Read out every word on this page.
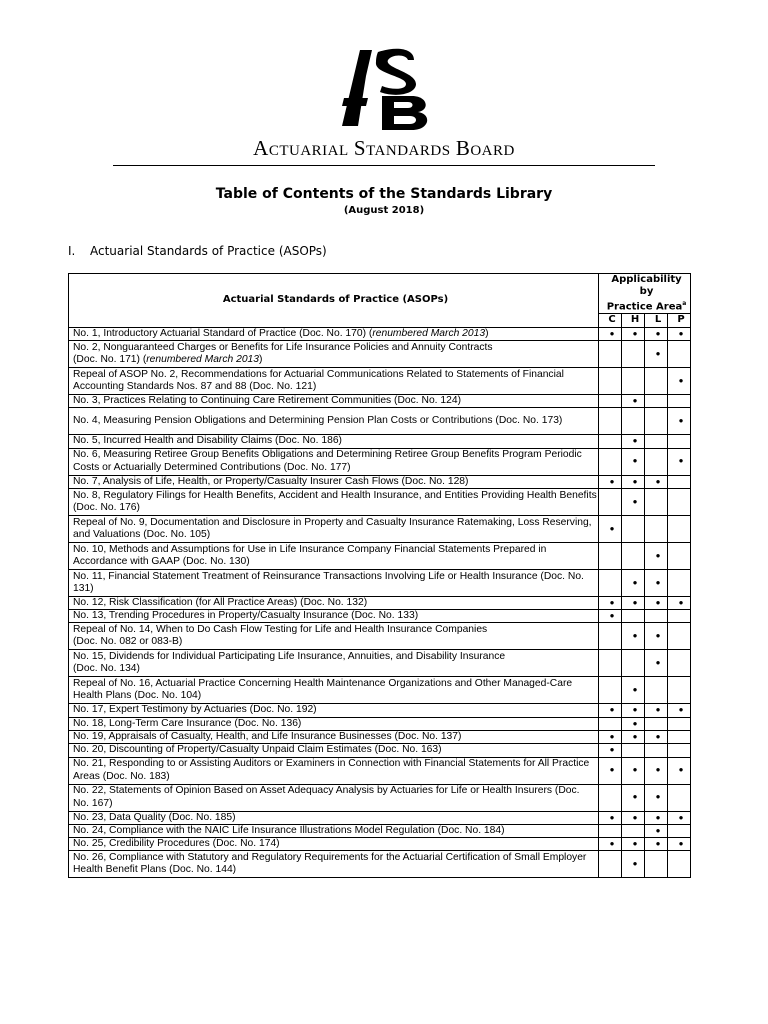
ACTUARIAL STANDARDS BOARD
Table of Contents of the Standards Library
(August 2018)
I. Actuarial Standards of Practice (ASOPs)
Actuarial Standards of Practice (ASOPs)	Applicability
by
Practice Area$^a$
	C	H	L	P
No. 1, Introductory Actuarial Standard of Practice (Doc. No. 170) (renumbered March 2013)	●	●	●	●
No. 2, Nonguaranteed Charges or Benefits for Life Insurance Policies and Annuity Contracts
(Doc. No. 171) (renumbered March 2013)			●	
Repeal of ASOP No. 2, Recommendations for Actuarial Communications Related to Statements of Financial Accounting Standards Nos. 87 and 88 (Doc. No. 121)				●
No. 3, Practices Relating to Continuing Care Retirement Communities (Doc. No. 124)		●		
No. 4, Measuring Pension Obligations and Determining Pension Plan Costs or Contributions (Doc. No. 173)				●
No. 5, Incurred Health and Disability Claims (Doc. No. 186)		●		
No. 6, Measuring Retiree Group Benefits Obligations and Determining Retiree Group Benefits Program Periodic Costs or Actuarially Determined Contributions (Doc. No. 177)		●		●
No. 7, Analysis of Life, Health, or Property/Casualty Insurer Cash Flows (Doc. No. 128)	●	●	●	
No. 8, Regulatory Filings for Health Benefits, Accident and Health Insurance, and Entities Providing Health Benefits (Doc. No. 176)		●		
Repeal of No. 9, Documentation and Disclosure in Property and Casualty Insurance Ratemaking, Loss Reserving, and Valuations (Doc. No. 105)	●			
No. 10, Methods and Assumptions for Use in Life Insurance Company Financial Statements Prepared in Accordance with GAAP (Doc. No. 130)			●	
No. 11, Financial Statement Treatment of Reinsurance Transactions Involving Life or Health Insurance (Doc. No. 131)		●	●	
No. 12, Risk Classification (for All Practice Areas) (Doc. No. 132)	●	●	●	●
No. 13, Trending Procedures in Property/Casualty Insurance (Doc. No. 133)	●			
Repeal of No. 14, When to Do Cash Flow Testing for Life and Health Insurance Companies
(Doc. No. 082 or 083-B)		●	●	
No. 15, Dividends for Individual Participating Life Insurance, Annuities, and Disability Insurance
(Doc. No. 134)			●	
Repeal of No. 16, Actuarial Practice Concerning Health Maintenance Organizations and Other Managed-Care Health Plans (Doc. No. 104)		●		
No. 17, Expert Testimony by Actuaries (Doc. No. 192)	●	●	●	●
No. 18, Long-Term Care Insurance (Doc. No. 136)		●		
No. 19, Appraisals of Casualty, Health, and Life Insurance Businesses (Doc. No. 137)	●	●	●	
No. 20, Discounting of Property/Casualty Unpaid Claim Estimates (Doc. No. 163)	●			
No. 21, Responding to or Assisting Auditors or Examiners in Connection with Financial Statements for All Practice Areas (Doc. No. 183)	●	●	●	●
No. 22, Statements of Opinion Based on Asset Adequacy Analysis by Actuaries for Life or Health Insurers (Doc. No. 167)		●	●	
No. 23, Data Quality (Doc. No. 185)	●	●	●	●
No. 24, Compliance with the NAIC Life Insurance Illustrations Model Regulation (Doc. No. 184)			●	
No. 25, Credibility Procedures (Doc. No. 174)	●	●	●	●
No. 26, Compliance with Statutory and Regulatory Requirements for the Actuarial Certification of Small Employer Health Benefit Plans (Doc. No. 144)		●		
